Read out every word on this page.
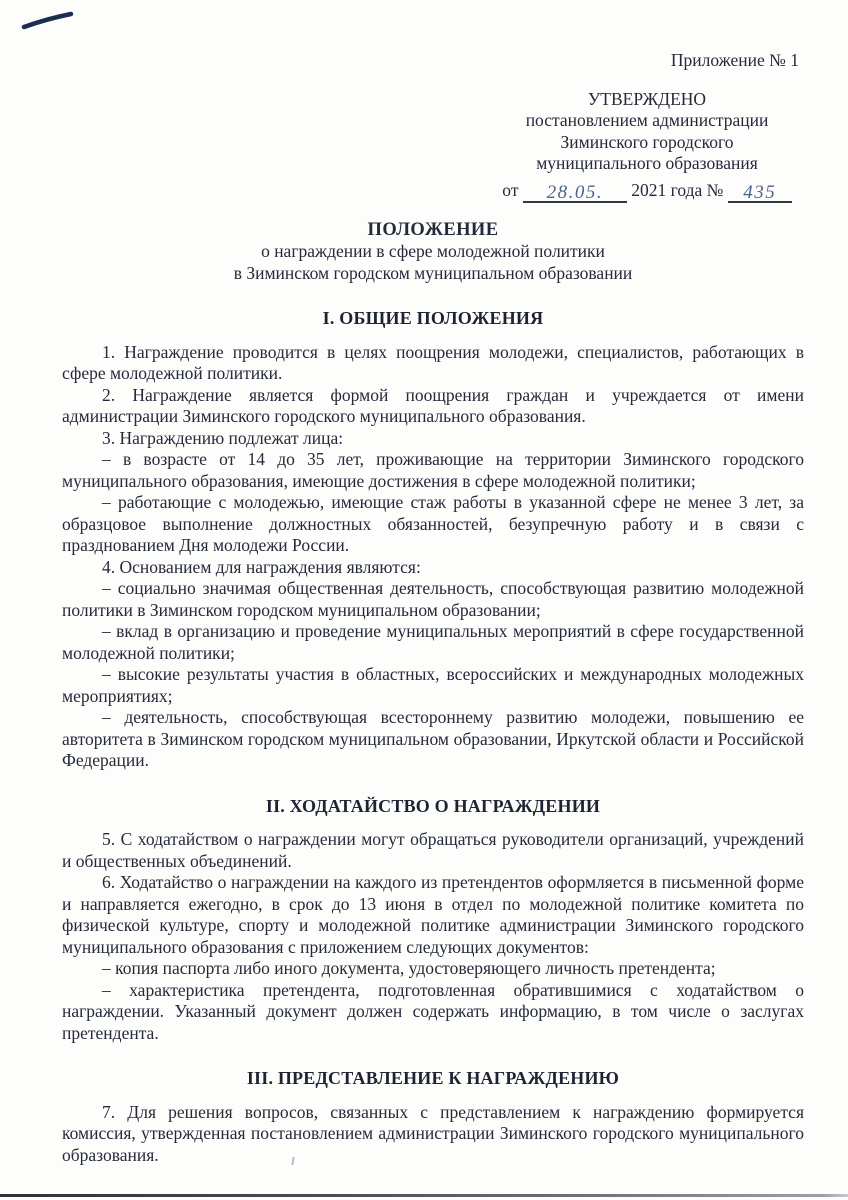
Приложение № 1
УТВЕРЖДЕНО
постановлением администрации
Зиминского городского
муниципального образования
от 28.05. 2021 года № 435
ПОЛОЖЕНИЕ
о награждении в сфере молодежной политики
в Зиминском городском муниципальном образовании
I. ОБЩИЕ ПОЛОЖЕНИЯ

1. Награждение проводится в целях поощрения молодежи, специалистов, работающих в сфере молодежной политики.

2. Награждение является формой поощрения граждан и учреждается от имени администрации Зиминского городского муниципального образования.

3. Награждению подлежат лица:

– в возрасте от 14 до 35 лет, проживающие на территории Зиминского городского муниципального образования, имеющие достижения в сфере молодежной политики;

– работающие с молодежью, имеющие стаж работы в указанной сфере не менее 3 лет, за образцовое выполнение должностных обязанностей, безупречную работу и в связи с празднованием Дня молодежи России.

4. Основанием для награждения являются:

– социально значимая общественная деятельность, способствующая развитию молодежной политики в Зиминском городском муниципальном образовании;

– вклад в организацию и проведение муниципальных мероприятий в сфере государственной молодежной политики;

– высокие результаты участия в областных, всероссийских и международных молодежных мероприятиях;

– деятельность, способствующая всестороннему развитию молодежи, повышению ее авторитета в Зиминском городском муниципальном образовании, Иркутской области и Российской Федерации.

II. ХОДАТАЙСТВО О НАГРАЖДЕНИИ

5. С ходатайством о награждении могут обращаться руководители организаций, учреждений и общественных объединений.

6. Ходатайство о награждении на каждого из претендентов оформляется в письменной форме и направляется ежегодно, в срок до 13 июня в отдел по молодежной политике комитета по физической культуре, спорту и молодежной политике администрации Зиминского городского муниципального образования с приложением следующих документов:

– копия паспорта либо иного документа, удостоверяющего личность претендента;

– характеристика претендента, подготовленная обратившимися с ходатайством о награждении. Указанный документ должен содержать информацию, в том числе о заслугах претендента.

III. ПРЕДСТАВЛЕНИЕ К НАГРАЖДЕНИЮ

7. Для решения вопросов, связанных с представлением к награждению формируется комиссия, утвержденная постановлением администрации Зиминского городского муниципального образования.
